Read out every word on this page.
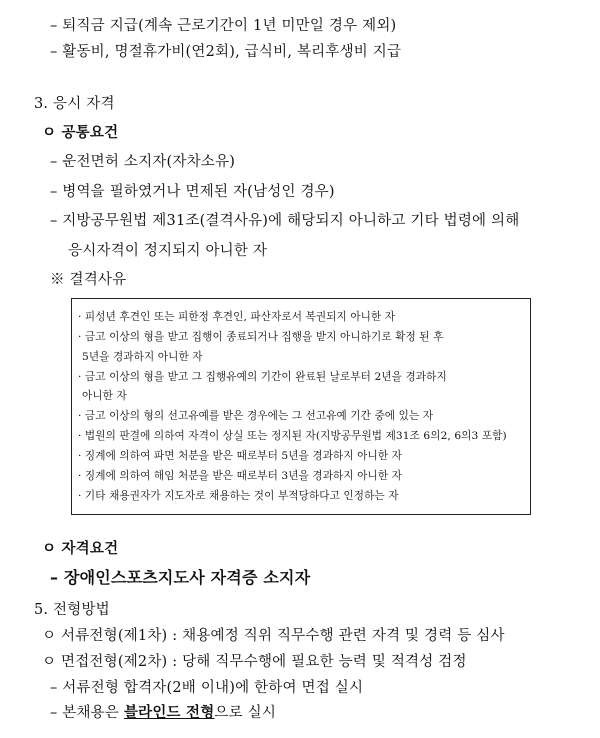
– 퇴직금 지급(계속 근로기간이 1년 미만일 경우 제외)
– 활동비, 명절휴가비(연2회), 급식비, 복리후생비 지급
3. 응시 자격
ㅇ 공통요건
– 운전면허 소지자(자차소유)
– 병역을 필하였거나 면제된 자(남성인 경우)
– 지방공무원법 제31조(결격사유)에 해당되지 아니하고 기타 법령에 의해
응시자격이 정지되지 아니한 자
※ 결격사유
· 피성년 후견인 또는 피한정 후견인, 파산자로서 복권되지 아니한 자
· 금고 이상의 형을 받고 집행이 종료되거나 집행을 받지 아니하기로 확정 된 후
5년을 경과하지 아니한 자
· 금고 이상의 형을 받고 그 집행유예의 기간이 완료된 날로부터 2년을 경과하지
아니한 자
· 금고 이상의 형의 선고유예를 받은 경우에는 그 선고유예 기간 중에 있는 자
· 법원의 판결에 의하여 자격이 상실 또는 정지된 자(지방공무원법 제31조 6의2, 6의3 포함)
· 징계에 의하여 파면 처분을 받은 때로부터 5년을 경과하지 아니한 자
· 징계에 의하여 해임 처분을 받은 때로부터 3년을 경과하지 아니한 자
· 기타 채용권자가 지도자로 채용하는 것이 부적당하다고 인정하는 자
ㅇ 자격요건
– 장애인스포츠지도사 자격증 소지자
5. 전형방법
ㅇ 서류전형(제1차) : 채용예정 직위 직무수행 관련 자격 및 경력 등 심사
ㅇ 면접전형(제2차) : 당해 직무수행에 필요한 능력 및 적격성 검정
– 서류전형 합격자(2배 이내)에 한하여 면접 실시
– 본채용은 블라인드 전형으로 실시
